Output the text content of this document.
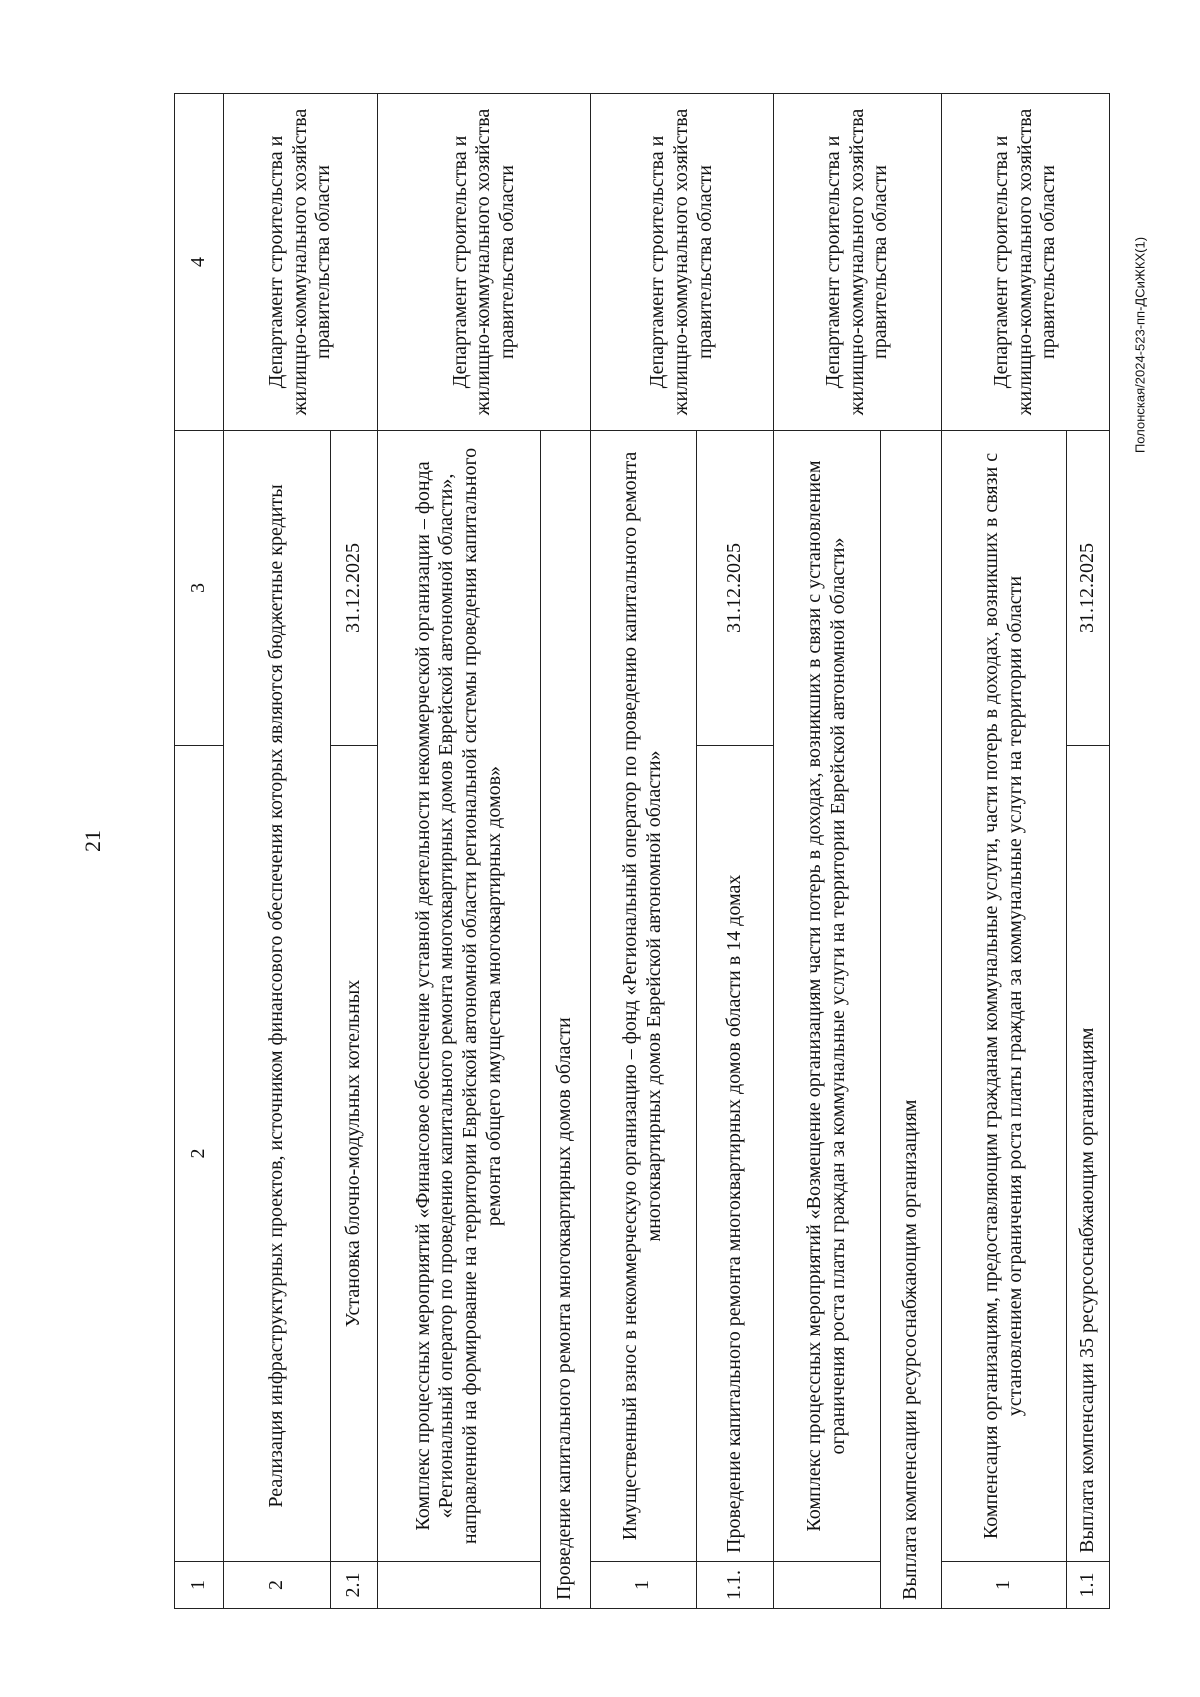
21
1	2	3	4
2	Реализация инфраструктурных проектов, источником финансового обеспечения которых являются бюджетные кредиты		Департамент строительства и жилищно-коммунального хозяйства правительства области
2.1	Установка блочно-модульных котельных	31.12.2025	
	Комплекс процессных мероприятий «Финансовое обеспечение уставной деятельности некоммерческой организации – фонда «Региональный оператор по проведению капитального ремонта многоквартирных домов Еврейской автономной области», направленной на формирование на территории Еврейской автономной области региональной системы проведения капитального ремонта общего имущества многоквартирных домов»		Департамент строительства и жилищно-коммунального хозяйства правительства области
Проведение капитального ремонта многоквартирных домов области			
1	Имущественный взнос в некоммерческую организацию – фонд «Региональный оператор по проведению капитального ремонта многоквартирных домов Еврейской автономной области»		Департамент строительства и жилищно-коммунального хозяйства правительства области
1.1.	Проведение капитального ремонта многоквартирных домов области в 14 домах	31.12.2025	
	Комплекс процессных мероприятий «Возмещение организациям части потерь в доходах, возникших в связи с установлением ограничения роста платы граждан за коммунальные услуги на территории Еврейской автономной области»		Департамент строительства и жилищно-коммунального хозяйства правительства области
Выплата компенсации ресурсоснабжающим организациям			
1	Компенсация организациям, предоставляющим гражданам коммунальные услуги, части потерь в доходах, возникших в связи с установлением ограничения роста платы граждан за коммунальные услуги на территории области		Департамент строительства и жилищно-коммунального хозяйства правительства области
1.1	Выплата компенсации 35 ресурсоснабжающим организациям	31.12.2025	
Полонская/2024-523-пп-ДСиЖКХ(1)
